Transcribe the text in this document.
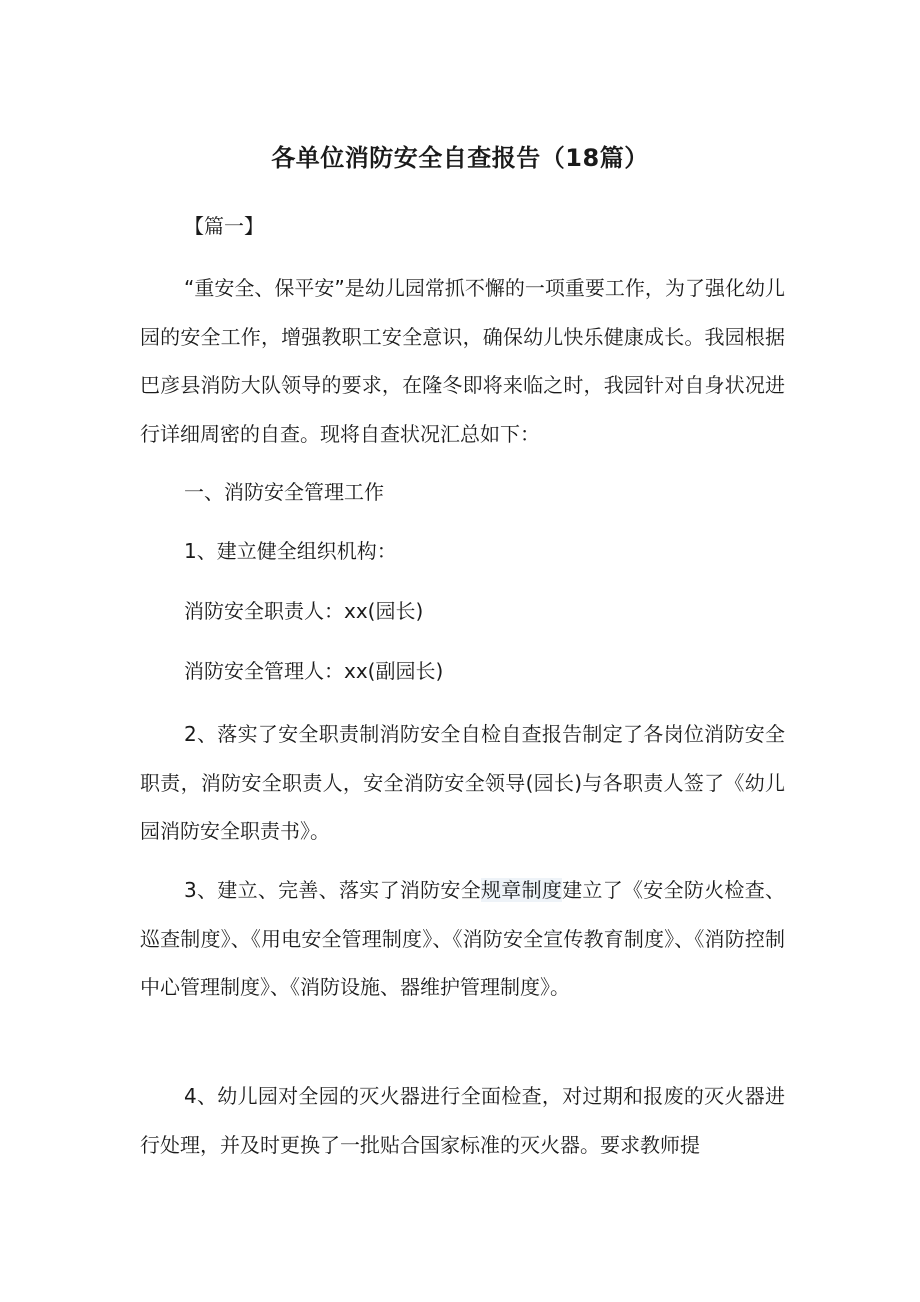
各单位消防安全自查报告（18篇）
【篇一】

“重安全、保平安”是幼儿园常抓不懈的一项重要工作，为了强化幼儿园的安全工作，增强教职工安全意识，确保幼儿快乐健康成长。我园根据巴彦县消防大队领导的要求，在隆冬即将来临之时，我园针对自身状况进行详细周密的自查。现将自查状况汇总如下：

一、消防安全管理工作

1、建立健全组织机构：

消防安全职责人：xx(园长)

消防安全管理人：xx(副园长)

2、落实了安全职责制消防安全自检自查报告制定了各岗位消防安全职责，消防安全职责人，安全消防安全领导(园长)与各职责人签了《幼儿园消防安全职责书》。

3、建立、完善、落实了消防安全规章制度建立了《安全防火检查、巡查制度》、《用电安全管理制度》、《消防安全宣传教育制度》、《消防控制中心管理制度》、《消防设施、器维护管理制度》。

4、幼儿园对全园的灭火器进行全面检查，对过期和报废的灭火器进行处理，并及时更换了一批贴合国家标准的灭火器。要求教师提
